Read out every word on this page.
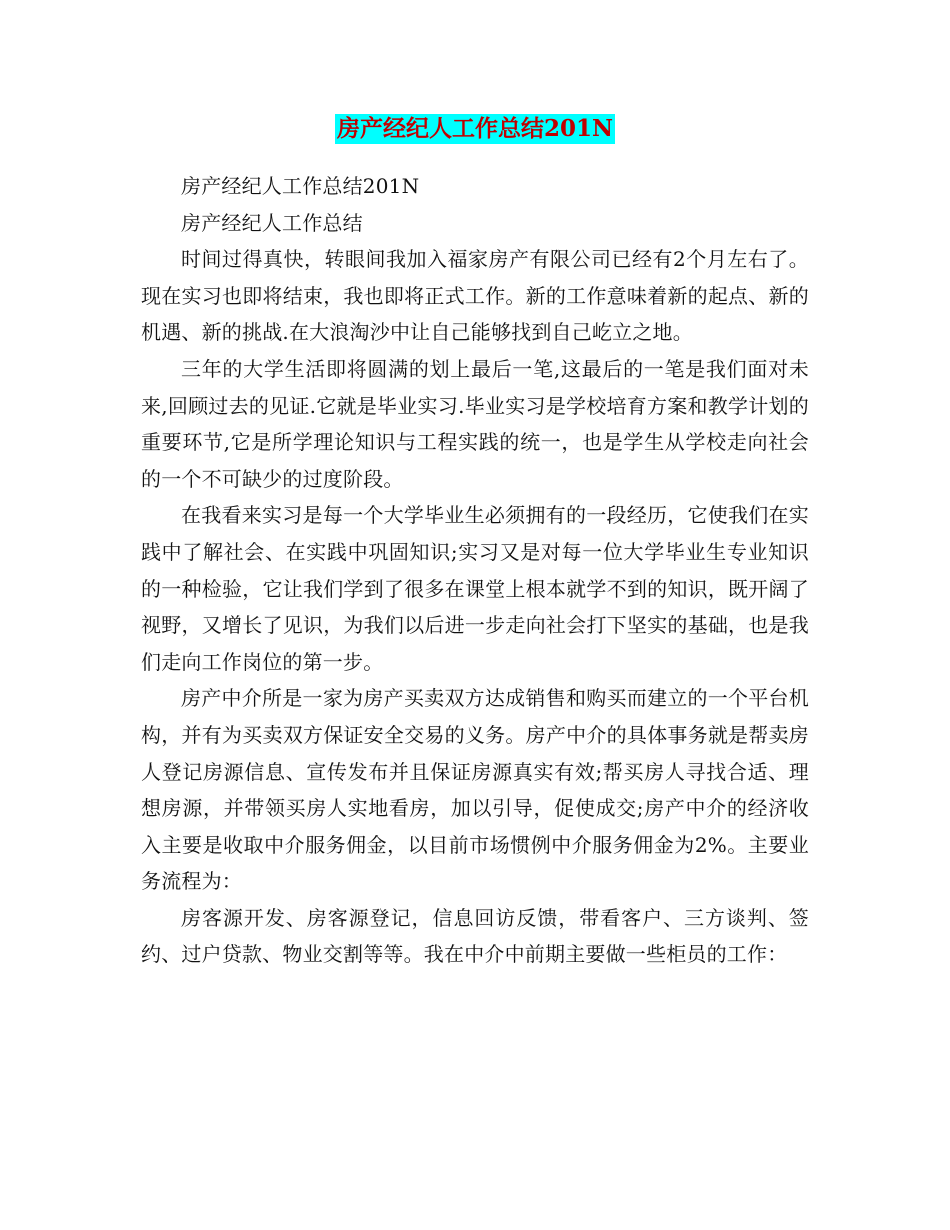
房产经纪人工作总结201N

房产经纪人工作总结201N

房产经纪人工作总结

时间过得真快，转眼间我加入福家房产有限公司已经有2个月左右了。现在实习也即将结束，我也即将正式工作。新的工作意味着新的起点、新的机遇、新的挑战.在大浪淘沙中让自己能够找到自己屹立之地。

三年的大学生活即将圆满的划上最后一笔,这最后的一笔是我们面对未来,回顾过去的见证.它就是毕业实习.毕业实习是学校培育方案和教学计划的重要环节,它是所学理论知识与工程实践的统一，也是学生从学校走向社会的一个不可缺少的过度阶段。

在我看来实习是每一个大学毕业生必须拥有的一段经历，它使我们在实践中了解社会、在实践中巩固知识;实习又是对每一位大学毕业生专业知识的一种检验，它让我们学到了很多在课堂上根本就学不到的知识，既开阔了视野，又增长了见识，为我们以后进一步走向社会打下坚实的基础，也是我们走向工作岗位的第一步。

房产中介所是一家为房产买卖双方达成销售和购买而建立的一个平台机构，并有为买卖双方保证安全交易的义务。房产中介的具体事务就是帮卖房人登记房源信息、宣传发布并且保证房源真实有效;帮买房人寻找合适、理想房源，并带领买房人实地看房，加以引导，促使成交;房产中介的经济收入主要是收取中介服务佣金，以目前市场惯例中介服务佣金为2%。主要业务流程为：

房客源开发、房客源登记，信息回访反馈，带看客户、三方谈判、签约、过户贷款、物业交割等等。我在中介中前期主要做一些柜员的工作：
